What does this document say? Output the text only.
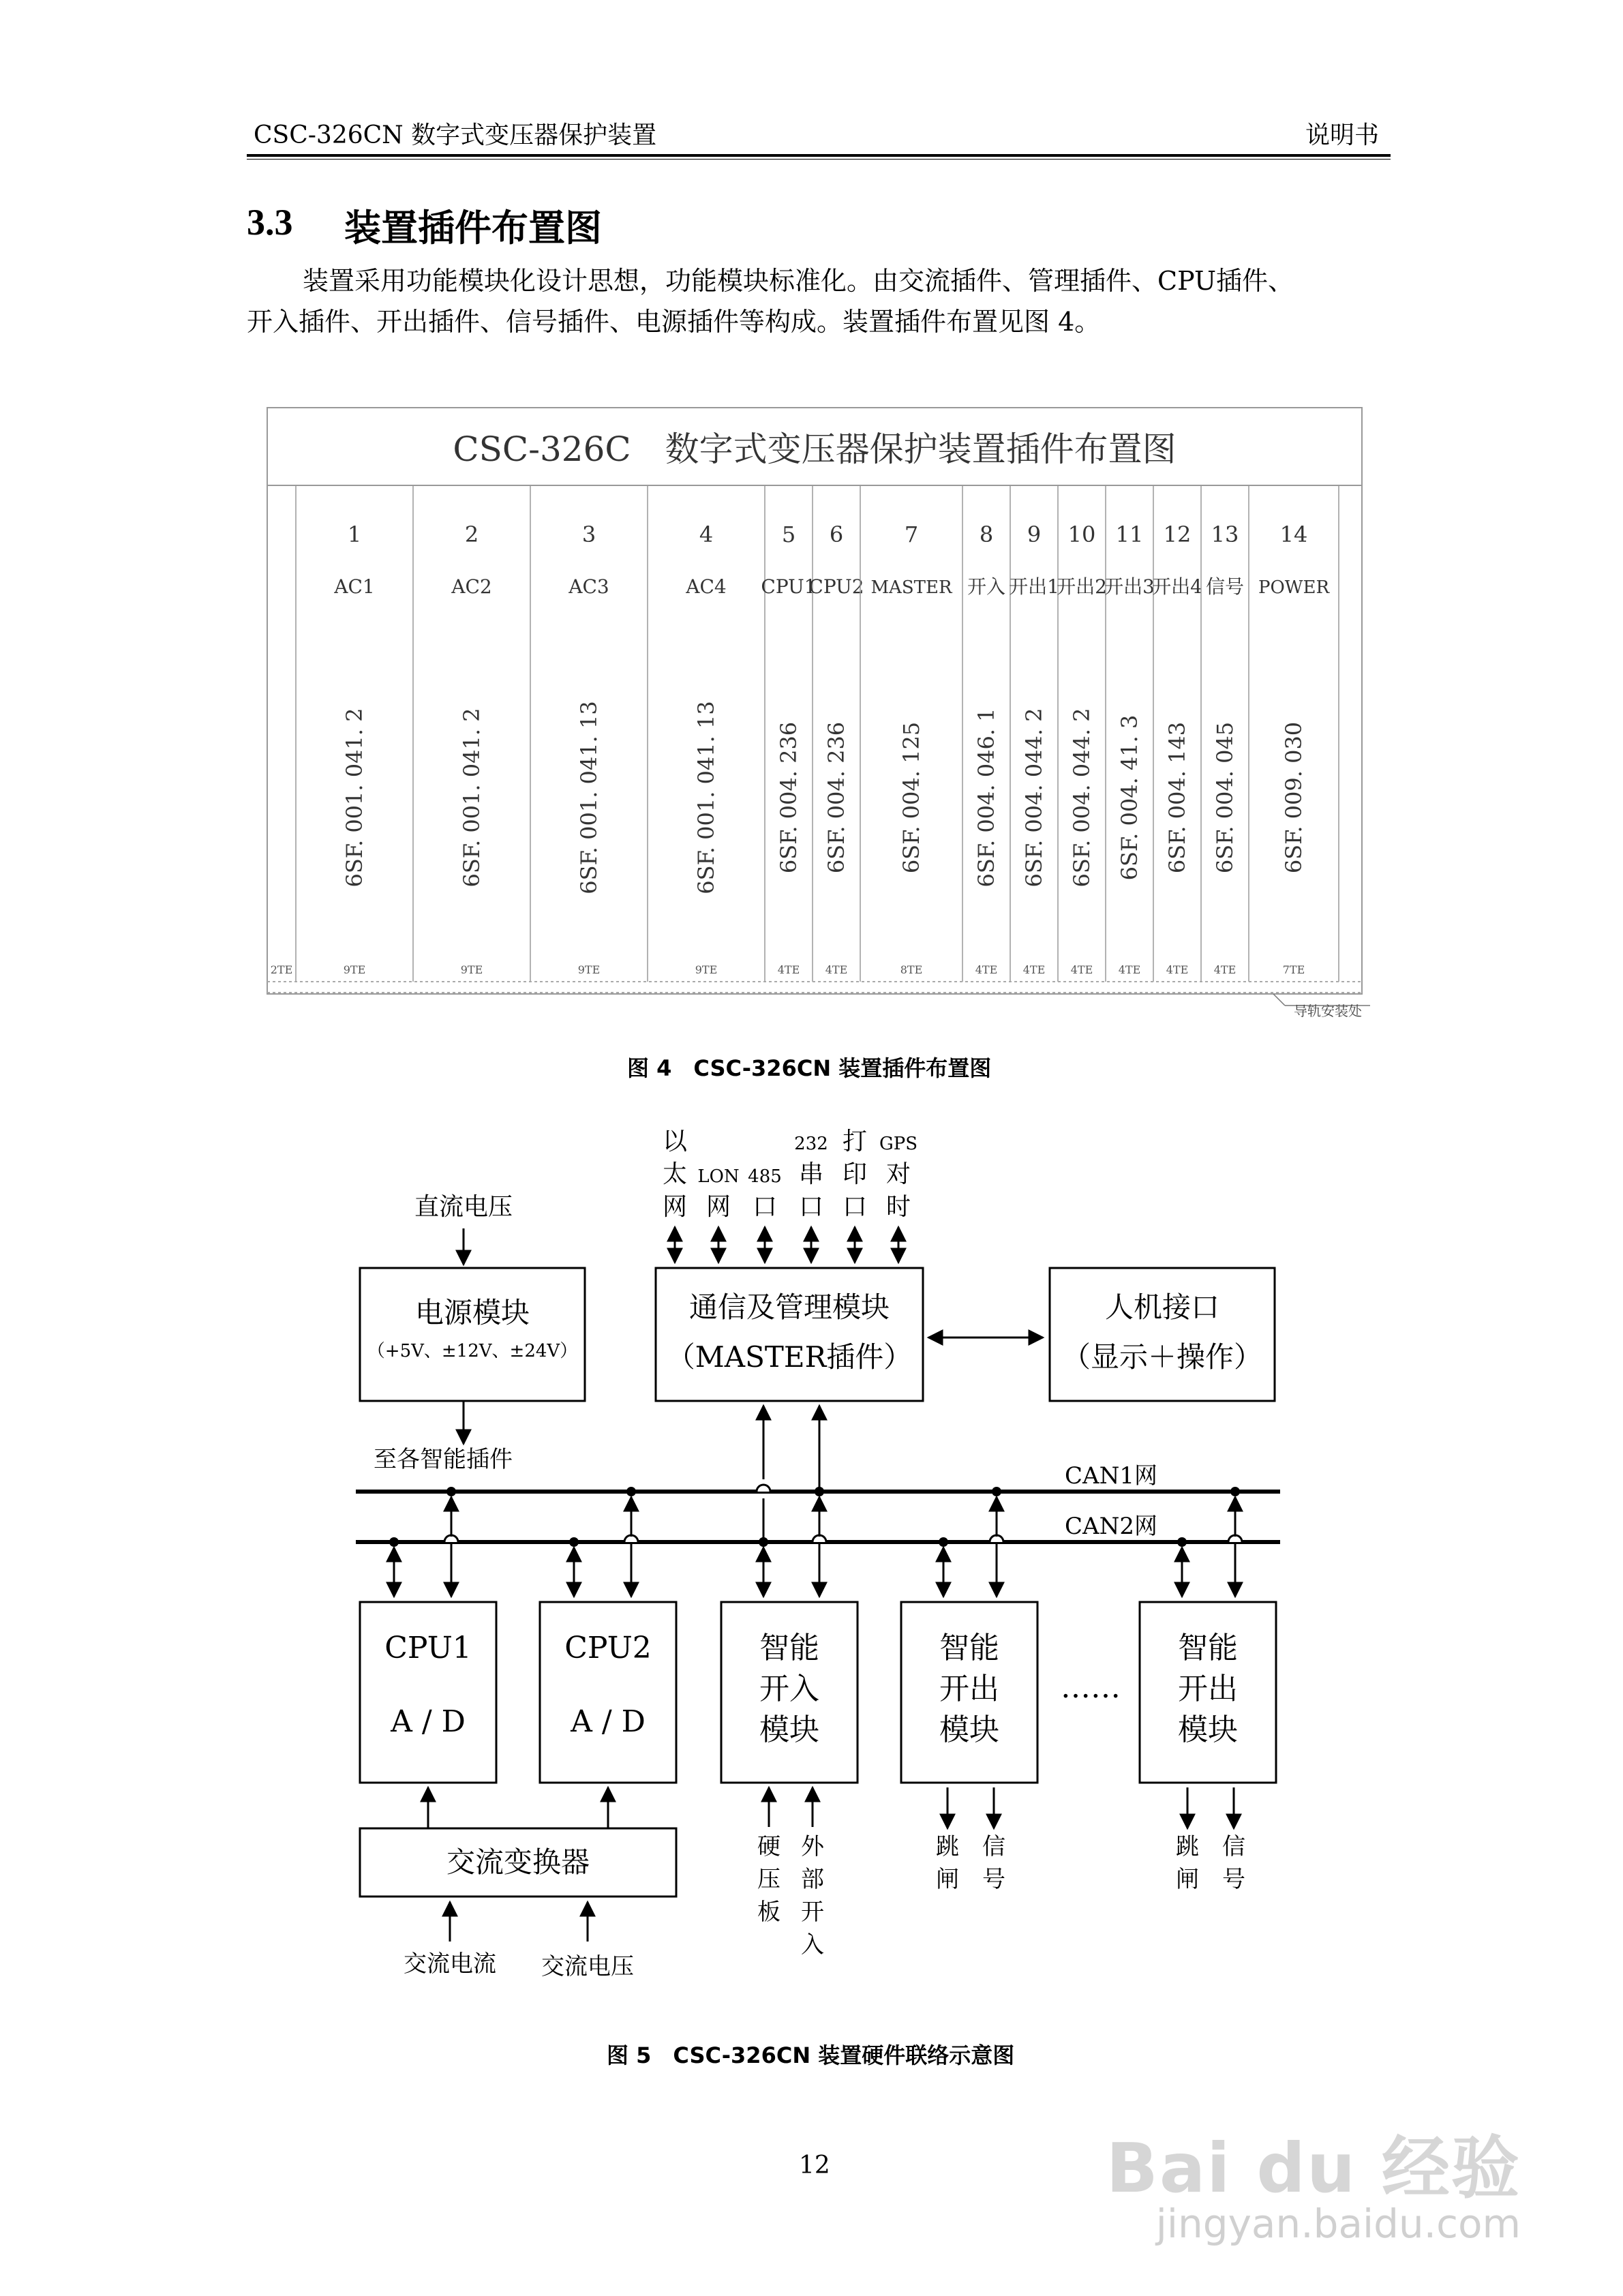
CSC-326CN 数字式变压器保护装置	说明书
3.3 装置插件布置图
装置采用功能模块化设计思想，功能模块标准化。由交流插件、管理插件、CPU插件、
开入插件、开出插件、信号插件、电源插件等构成。装置插件布置见图 4。
CSC-326C　数字式变压器保护装置插件布置图
2TE
1
AC1
6SF. 001. 041. 2
9TE
2
AC2
6SF. 001. 041. 2
9TE
3
AC3
6SF. 001. 041. 13
9TE
4
AC4
6SF. 001. 041. 13
9TE
5
CPU1
6SF. 004. 236
4TE
6
CPU2
6SF. 004. 236
4TE
7
MASTER
6SF. 004. 125
8TE
8
开入
6SF. 004. 046. 1
4TE
9
开出1
6SF. 004. 044. 2
4TE
10
开出2
6SF. 004. 044. 2
4TE
11
开出3
6SF. 004. 41. 3
4TE
12
开出4
6SF. 004. 143
4TE
13
信号
6SF. 004. 045
4TE
14
POWER
6SF. 009. 030
7TE
导轨安装处
图 4　CSC-326CN 装置插件布置图
以
太
网
LON
网
485
口
232
串
口
打
印
口
GPS
对
时
直流电压
电源模块
（+5V、±12V、±24V）
至各智能插件
通信及管理模块
（MASTER插件）
人机接口
（显示＋操作）
CAN1网
CAN2网
CPU1
A / D
CPU2
A / D
智能
开入
模块
智能
开出
模块
……
智能
开出
模块
交流变换器
交流电流 交流电压
硬
压
板
外
部
开
入
跳
闸
信
号
跳
闸
信
号
图 5　CSC-326CN 装置硬件联络示意图
12	Bai du 经验
jingyan.baidu.com
